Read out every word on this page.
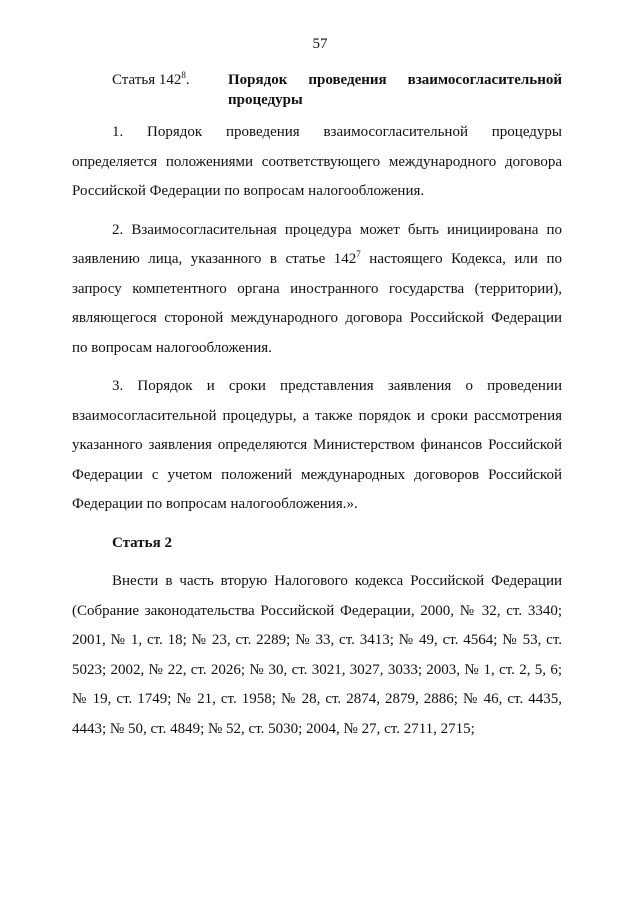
57
Статья $142^8$.	Порядок проведения взаимосогласительной процедуры

1. Порядок проведения взаимосогласительной процедуры определяется положениями соответствующего международного договора Российской Федерации по вопросам налогообложения.

2. Взаимосогласительная процедура может быть инициирована по заявлению лица, указанного в статье $142^7$ настоящего Кодекса, или по запросу компетентного органа иностранного государства (территории), являющегося стороной международного договора Российской Федерации по вопросам налогообложения.

3. Порядок и сроки представления заявления о проведении взаимосогласительной процедуры, а также порядок и сроки рассмотрения указанного заявления определяются Министерством финансов Российской Федерации с учетом положений международных договоров Российской Федерации по вопросам налогообложения.».

Статья 2

Внести в часть вторую Налогового кодекса Российской Федерации (Собрание законодательства Российской Федерации, 2000, № 32, ст. 3340; 2001, № 1, ст. 18; № 23, ст. 2289; № 33, ст. 3413; № 49, ст. 4564; № 53, ст. 5023; 2002, № 22, ст. 2026; № 30, ст. 3021, 3027, 3033; 2003, № 1, ст. 2, 5, 6; № 19, ст. 1749; № 21, ст. 1958; № 28, ст. 2874, 2879, 2886; № 46, ст. 4435, 4443; № 50, ст. 4849; № 52, ст. 5030; 2004, № 27, ст. 2711, 2715;
